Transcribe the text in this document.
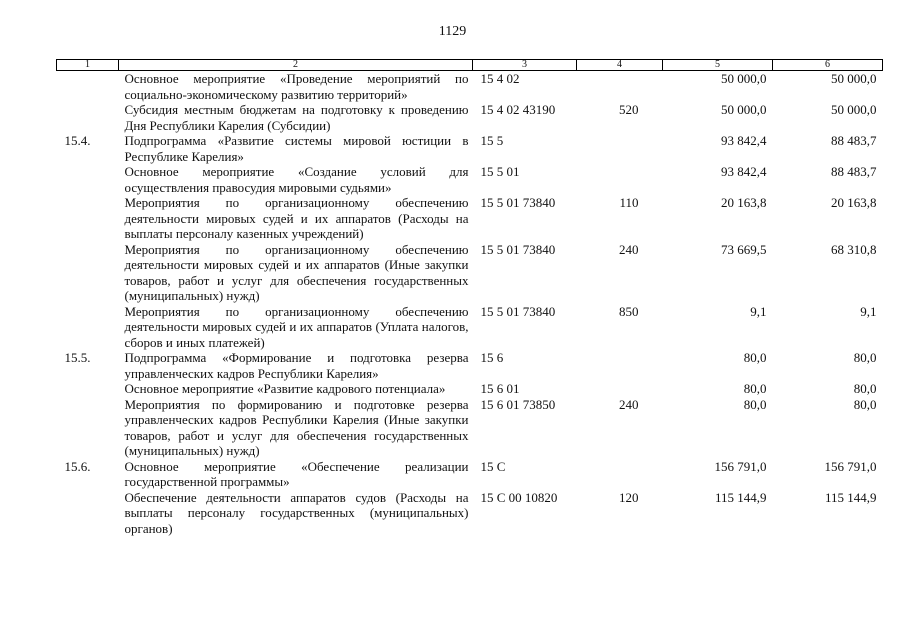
1129
1	2	3	4	5	6
	Основное мероприятие «Проведение мероприятий по социально-экономическому развитию территорий»	15 4 02		50 000,0	50 000,0
	Субсидия местным бюджетам на подготовку к проведению Дня Республики Карелия (Субсидии)	15 4 02 43190	520	50 000,0	50 000,0
15.4.	Подпрограмма «Развитие системы мировой юстиции в Республике Карелия»	15 5		93 842,4	88 483,7
	Основное мероприятие «Создание условий для осуществления правосудия мировыми судьями»	15 5 01		93 842,4	88 483,7
	Мероприятия по организационному обеспечению деятельности мировых судей и их аппаратов (Расходы на выплаты персоналу казенных учреждений)	15 5 01 73840	110	20 163,8	20 163,8
	Мероприятия по организационному обеспечению деятельности мировых судей и их аппаратов (Иные закупки товаров, работ и услуг для обеспечения государственных (муниципальных) нужд)	15 5 01 73840	240	73 669,5	68 310,8
	Мероприятия по организационному обеспечению деятельности мировых судей и их аппаратов (Уплата налогов, сборов и иных платежей)	15 5 01 73840	850	9,1	9,1
15.5.	Подпрограмма «Формирование и подготовка резерва управленческих кадров Республики Карелия»	15 6		80,0	80,0
	Основное мероприятие «Развитие кадрового потенциала»	15 6 01		80,0	80,0
	Мероприятия по формированию и подготовке резерва управленческих кадров Республики Карелия (Иные закупки товаров, работ и услуг для обеспечения государственных (муниципальных) нужд)	15 6 01 73850	240	80,0	80,0
15.6.	Основное мероприятие «Обеспечение реализации государственной программы»	15 С		156 791,0	156 791,0
	Обеспечение деятельности аппаратов судов (Расходы на выплаты персоналу государственных (муниципальных) органов)	15 С 00 10820	120	115 144,9	115 144,9
